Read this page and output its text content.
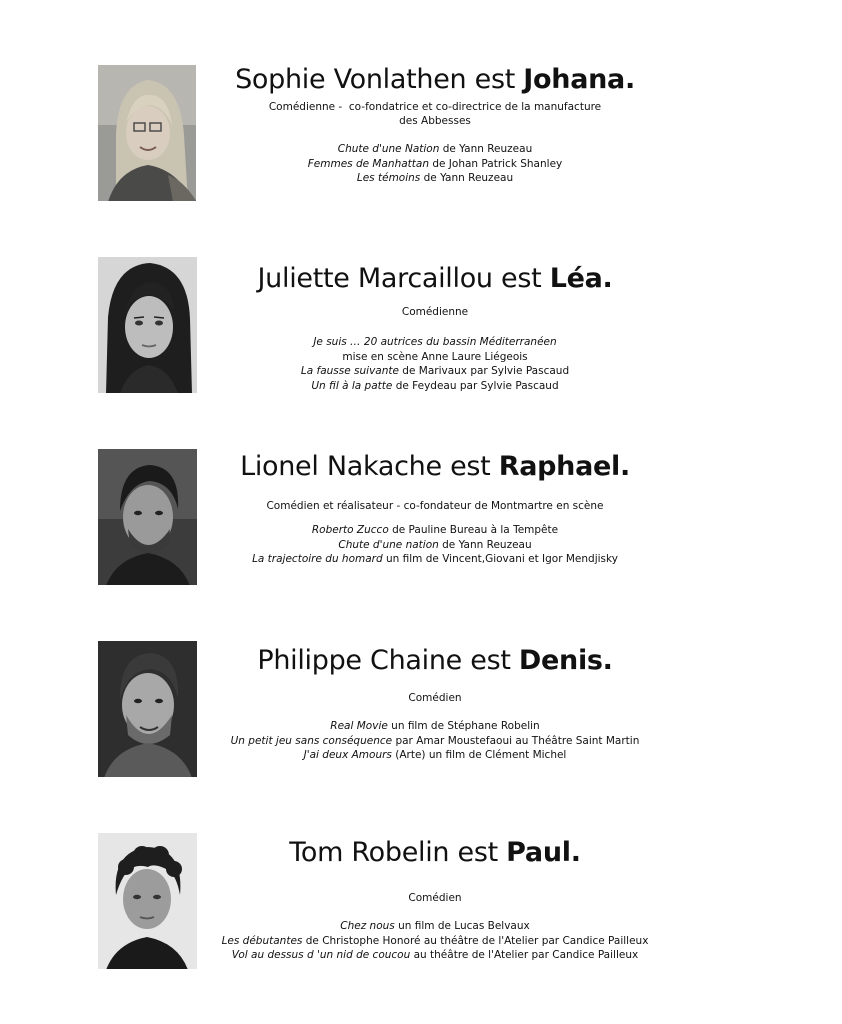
Sophie Vonlathen est Johana.
Comédienne -  co-fondatrice et co-directrice de la manufacture
des Abbesses
Chute d'une Nation de Yann Reuzeau
Femmes de Manhattan de Johan Patrick Shanley
Les témoins de Yann Reuzeau
Juliette Marcaillou est Léa.
Comédienne
Je suis … 20 autrices du bassin Méditerranéen
mise en scène Anne Laure Liégeois
La fausse suivante de Marivaux par Sylvie Pascaud
Un fil à la patte de Feydeau par Sylvie Pascaud
Lionel Nakache est Raphael.
Comédien et réalisateur - co-fondateur de Montmartre en scène
Roberto Zucco de Pauline Bureau à la Tempête
Chute d'une nation de Yann Reuzeau
La trajectoire du homard un film de Vincent,Giovani et Igor Mendjisky
Philippe Chaine est Denis.
Comédien
Real Movie un film de Stéphane Robelin
Un petit jeu sans conséquence par Amar Moustefaoui au Théâtre Saint Martin
J'ai deux Amours (Arte) un film de Clément Michel
Tom Robelin est Paul.
Comédien
Chez nous un film de Lucas Belvaux
Les débutantes de Christophe Honoré au théâtre de l'Atelier par Candice Pailleux
Vol au dessus d 'un nid de coucou au théâtre de l'Atelier par Candice Pailleux
